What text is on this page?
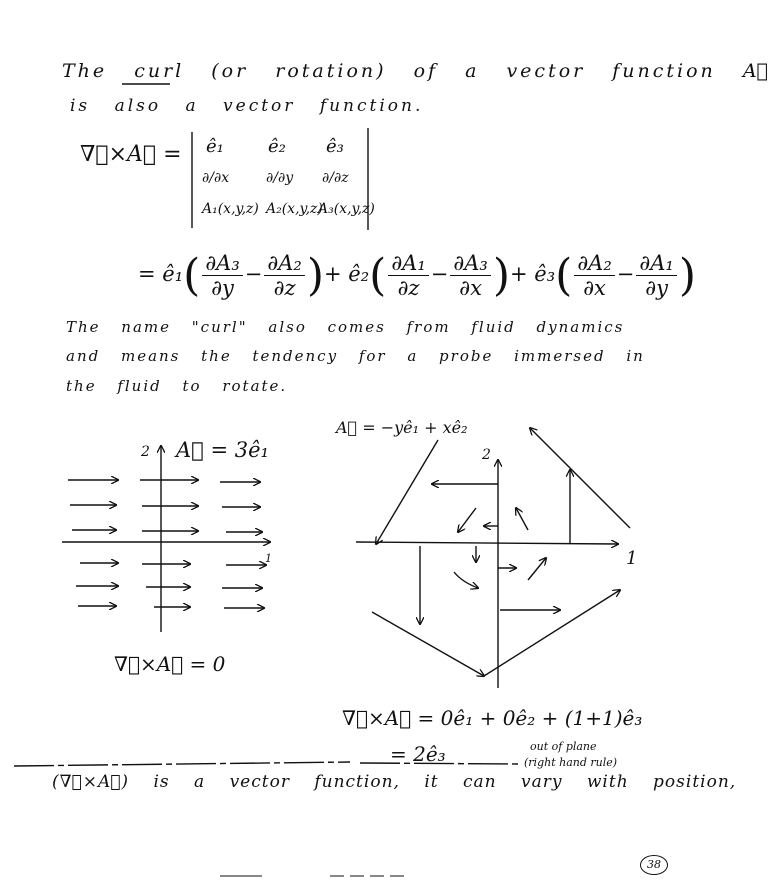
The curl (or rotation) of a vector function A⃗
is also a vector function.
∇⃗×A⃗ = ê₁ ê₂ ê₃
∂/∂x	∂/∂y ∂/∂z
A₁(x,y,z) A₂(x,y,z)
A₃(x,y,z)
= ê₁( $\frac{\text{∂A₃}}{\partial y} - \frac{\text{∂A₂}}{\partial z}$ )+ ê₂( $\frac{\text{∂A₁}}{\partial z} - \frac{\text{∂A₃}}{\partial x}$ )+ ê₃( $\frac{\text{∂A₂}}{\partial x} - \frac{\text{∂A₁}}{\partial y}$ )
The name "curl" also comes from fluid dynamics
and means the tendency for a probe immersed in
the fluid to rotate.
A⃗ = 3ê₁
2
1
∇⃗×A⃗ = 0
A⃗ = −yê₁ + xê₂
2
1
∇⃗×A⃗ = 0ê₁ + 0ê₂ + (1+1)ê₃
= 2ê₃	out of plane
(right hand rule)
(∇⃗×A⃗) is a vector function, it can vary with position,
38
